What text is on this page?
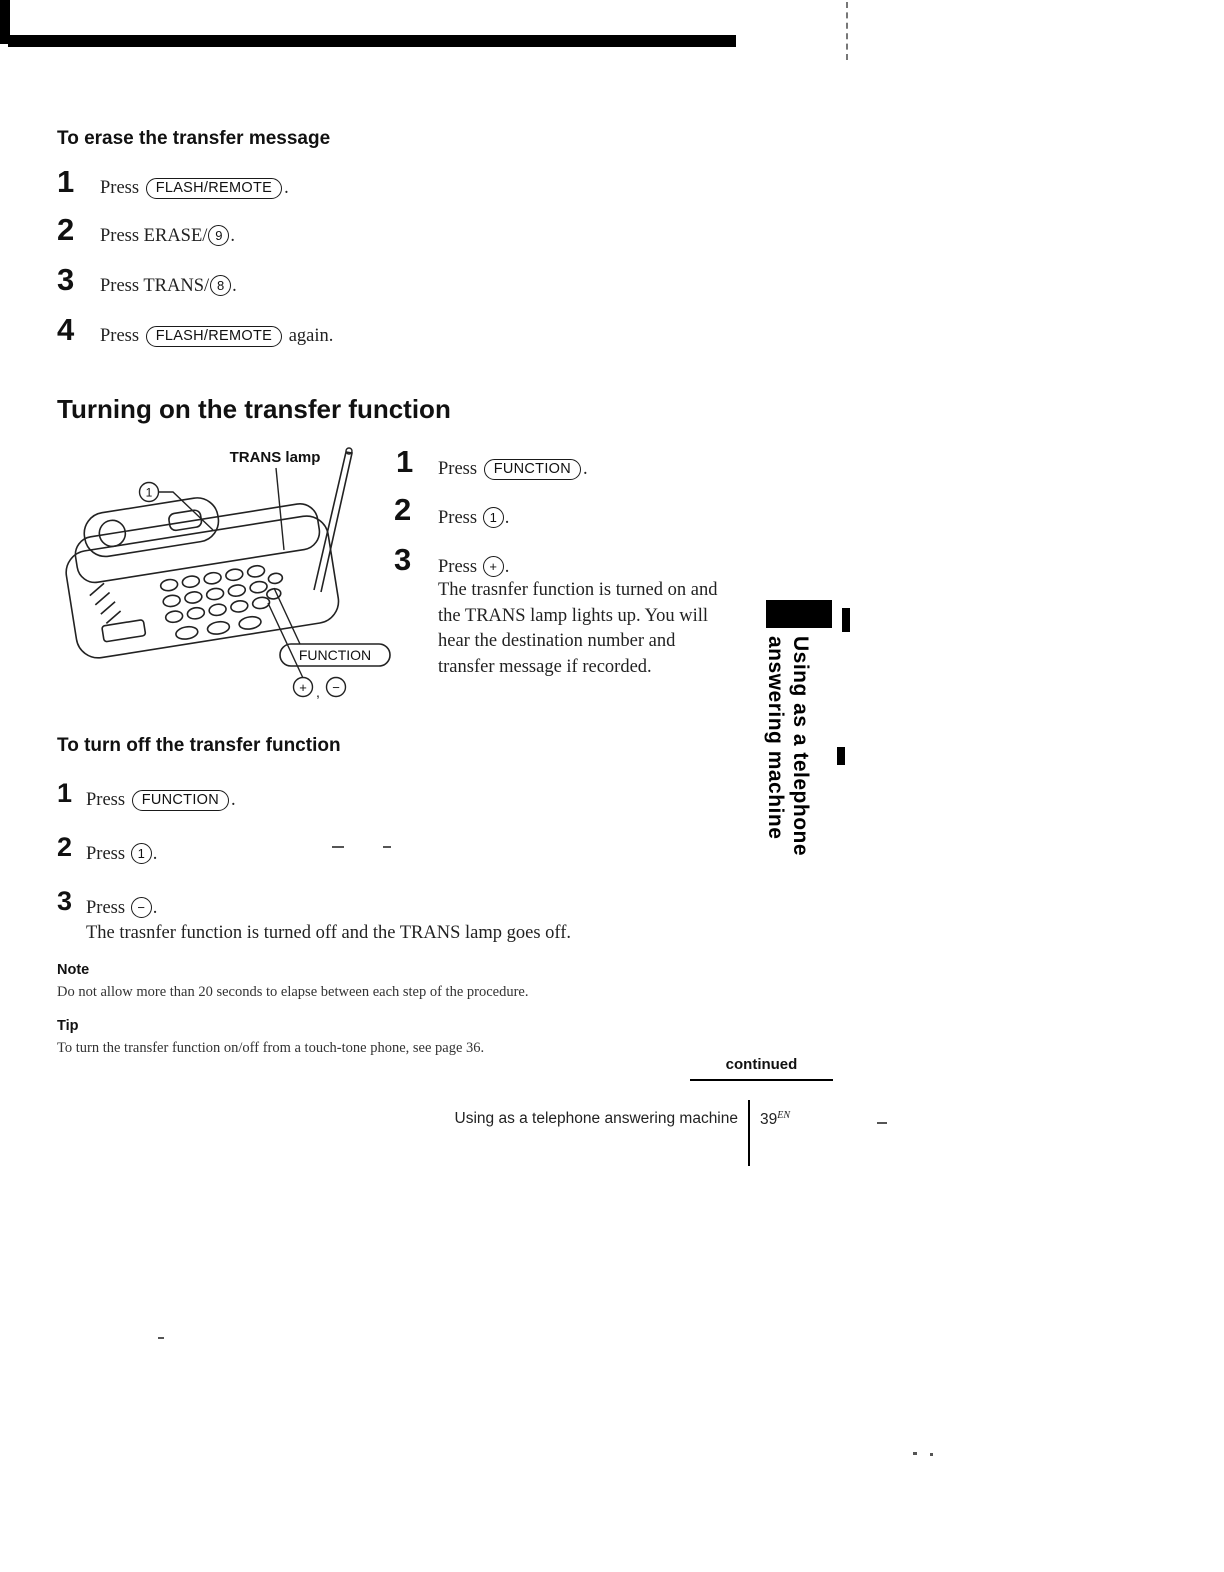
To erase the transfer message
1 Press FLASH/REMOTE .
2 Press ERASE/ 9 .
3 Press TRANS/ 8 .
4 Press FLASH/REMOTE again.
Turning on the transfer function
TRANS lamp
1
FUNCTION
+ , −
1 Press FUNCTION .
2 Press 1 .
3 Press + .
The trasnfer function is turned on and the TRANS lamp lights up. You will hear the destination number and transfer message if recorded.	Using as a telephone
answering machine
To turn off the transfer function
1 Press FUNCTION .
2 Press 1 .
3 Press − .
The trasnfer function is turned off and the TRANS lamp goes off.
Note
Do not allow more than 20 seconds to elapse between each step of the procedure.
Tip
To turn the transfer function on/off from a touch-tone phone, see page 36.
continued
Using as a telephone answering machine $39^{EN}$
